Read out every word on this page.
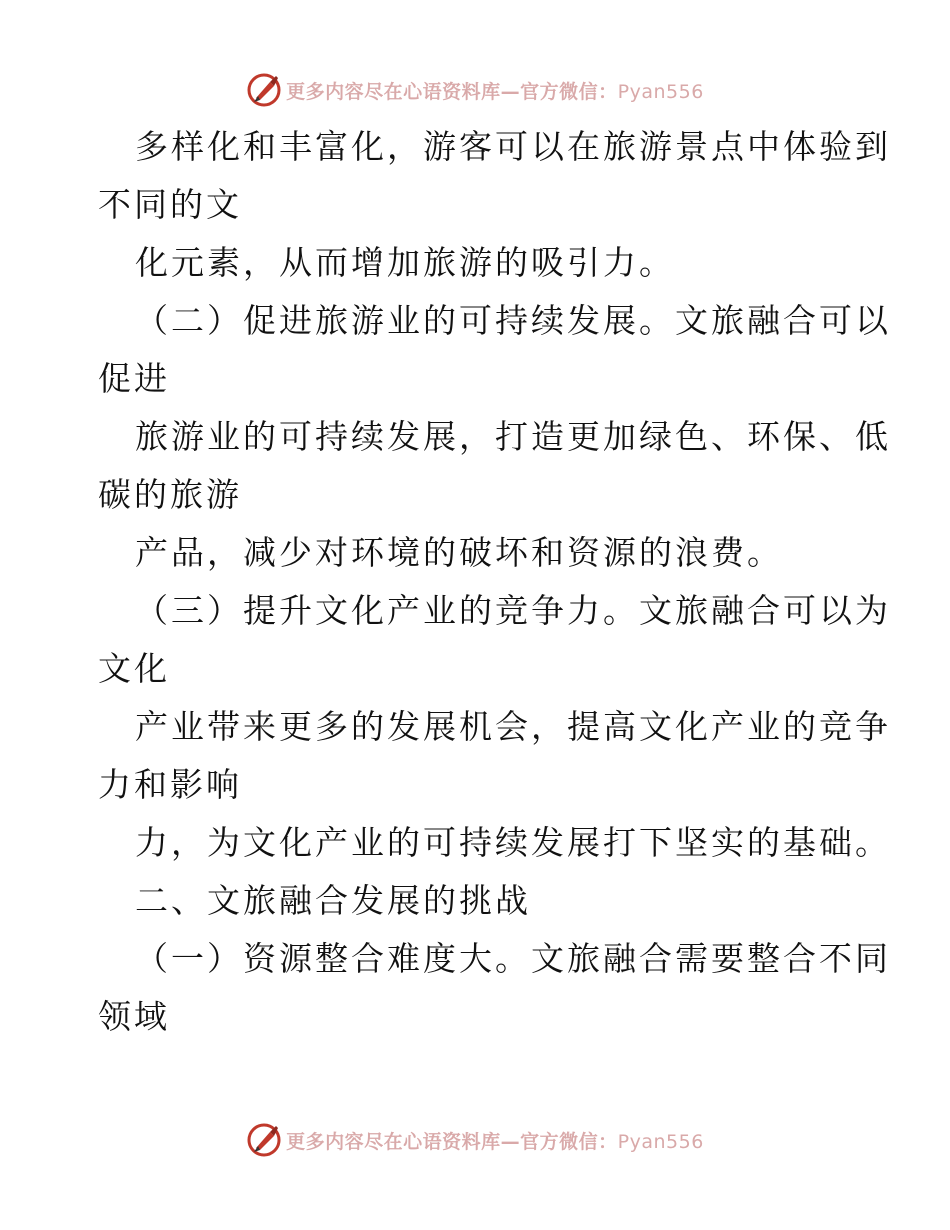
更多内容尽在心语资料库—官方微信：Pyan556
多样化和丰富化，游客可以在旅游景点中体验到
不同的文
化元素，从而增加旅游的吸引力。
（二）促进旅游业的可持续发展。文旅融合可以
促进
旅游业的可持续发展，打造更加绿色、环保、低
碳的旅游
产品，减少对环境的破坏和资源的浪费。
（三）提升文化产业的竞争力。文旅融合可以为
文化
产业带来更多的发展机会，提高文化产业的竞争
力和影响
力，为文化产业的可持续发展打下坚实的基础。
二、文旅融合发展的挑战
（一）资源整合难度大。文旅融合需要整合不同
领域
更多内容尽在心语资料库—官方微信：Pyan556
